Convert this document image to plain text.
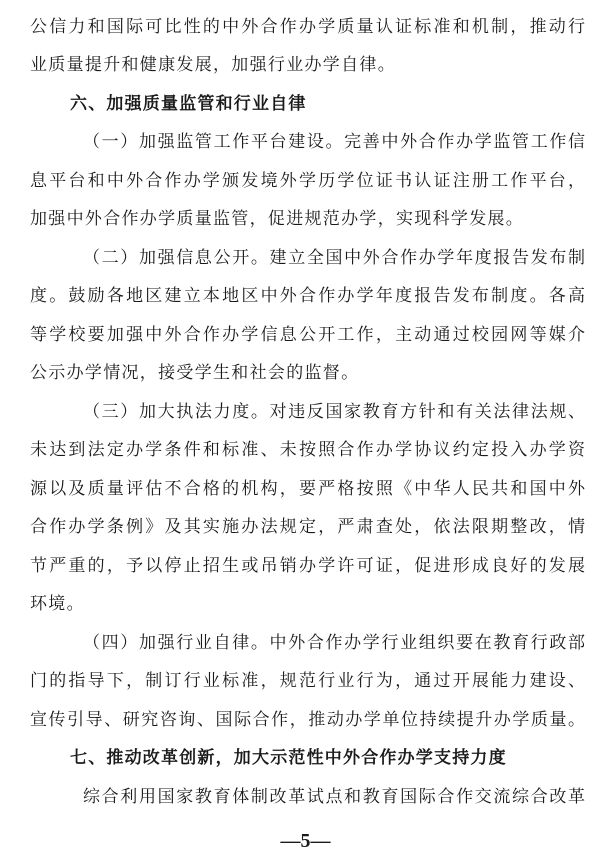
公信力和国际可比性的中外合作办学质量认证标准和机制，推动行
业质量提升和健康发展，加强行业办学自律。
六、加强质量监管和行业自律
（一）加强监管工作平台建设。完善中外合作办学监管工作信
息平台和中外合作办学颁发境外学历学位证书认证注册工作平台，
加强中外合作办学质量监管，促进规范办学，实现科学发展。
（二）加强信息公开。建立全国中外合作办学年度报告发布制
度。鼓励各地区建立本地区中外合作办学年度报告发布制度。各高
等学校要加强中外合作办学信息公开工作，主动通过校园网等媒介
公示办学情况，接受学生和社会的监督。
（三）加大执法力度。对违反国家教育方针和有关法律法规、
未达到法定办学条件和标准、未按照合作办学协议约定投入办学资
源以及质量评估不合格的机构，要严格按照《中华人民共和国中外
合作办学条例》及其实施办法规定，严肃查处，依法限期整改，情
节严重的，予以停止招生或吊销办学许可证，促进形成良好的发展
环境。
（四）加强行业自律。中外合作办学行业组织要在教育行政部
门的指导下，制订行业标准，规范行业行为，通过开展能力建设、
宣传引导、研究咨询、国际合作，推动办学单位持续提升办学质量。
七、推动改革创新，加大示范性中外合作办学支持力度
综合利用国家教育体制改革试点和教育国际合作交流综合改革
—5—
